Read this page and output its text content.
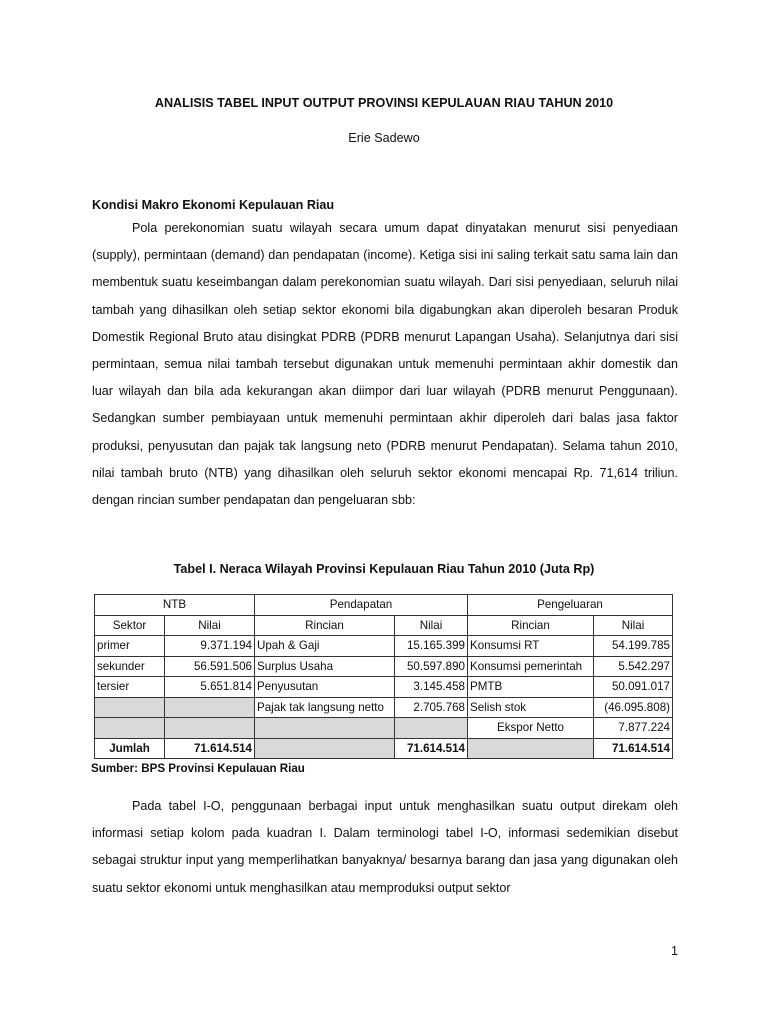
ANALISIS TABEL INPUT OUTPUT PROVINSI KEPULAUAN RIAU TAHUN 2010
Erie Sadewo
Kondisi Makro Ekonomi Kepulauan Riau

Pola perekonomian suatu wilayah secara umum dapat dinyatakan menurut sisi penyediaan (supply), permintaan (demand) dan pendapatan (income). Ketiga sisi ini saling terkait satu sama lain dan membentuk suatu keseimbangan dalam perekonomian suatu wilayah. Dari sisi penyediaan, seluruh nilai tambah yang dihasilkan oleh setiap sektor ekonomi bila digabungkan akan diperoleh besaran Produk Domestik Regional Bruto atau disingkat PDRB (PDRB menurut Lapangan Usaha). Selanjutnya dari sisi permintaan, semua nilai tambah tersebut digunakan untuk memenuhi permintaan akhir domestik dan luar wilayah dan bila ada kekurangan akan diimpor dari luar wilayah (PDRB menurut Penggunaan). Sedangkan sumber pembiayaan untuk memenuhi permintaan akhir diperoleh dari balas jasa faktor produksi, penyusutan dan pajak tak langsung neto (PDRB menurut Pendapatan). Selama tahun 2010, nilai tambah bruto (NTB) yang dihasilkan oleh seluruh sektor ekonomi mencapai Rp. 71,614 triliun. dengan rincian sumber pendapatan dan pengeluaran sbb:

Tabel I. Neraca Wilayah Provinsi Kepulauan Riau Tahun 2010 (Juta Rp)
NTB		Pendapatan		Pengeluaran	
Sektor	Nilai	Rincian	Nilai	Rincian	Nilai
primer	9.371.194	Upah & Gaji	15.165.399	Konsumsi RT	54.199.785
sekunder	56.591.506	Surplus Usaha	50.597.890	Konsumsi pemerintah	5.542.297
tersier	5.651.814	Penyusutan	3.145.458	PMTB	50.091.017
		Pajak tak langsung netto	2.705.768	Selish stok	(46.095.808)
				Ekspor Netto	7.877.224
Jumlah	71.614.514		71.614.514		71.614.514
Sumber: BPS Provinsi Kepulauan Riau

Pada tabel I-O, penggunaan berbagai input untuk menghasilkan suatu output direkam oleh informasi setiap kolom pada kuadran I. Dalam terminologi tabel I-O, informasi sedemikian disebut sebagai struktur input yang memperlihatkan banyaknya/ besarnya barang dan jasa yang digunakan oleh suatu sektor ekonomi untuk menghasilkan atau memproduksi output sektor

1
